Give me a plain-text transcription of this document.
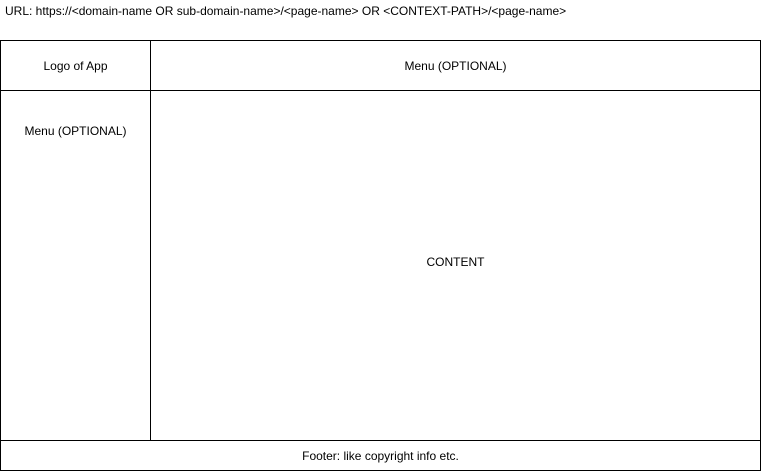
URL: https://<domain-name OR sub-domain-name>/<page-name> OR <CONTEXT-PATH>/<page-name>
Logo of App	Menu (OPTIONAL)
Menu (OPTIONAL)
CONTENT
Footer: like copyright info etc.
